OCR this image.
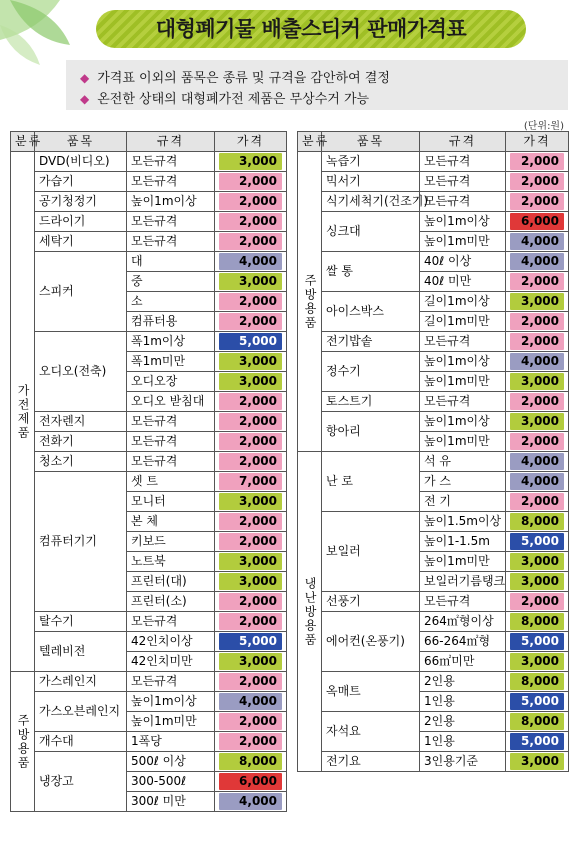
대형폐기물 배출스티커 판매가격표
◆ 가격표 이외의 품목은 종류 및 규격을 감안하여 결정
◆ 온전한 상태의 대형폐가전 제품은 무상수거 가능
(단위:원)
분류	품목	규격	가격
가전제품	DVD(비디오)	모든규격	3,000

	가습기	모든규격	2,000

	공기청정기	높이1m이상	2,000

	드라이기	모든규격	2,000

	세탁기	모든규격	2,000

	스피커	대	4,000

		중	3,000

		소	2,000

		컴퓨터용	2,000

	오디오(전축)	폭1m이상	5,000

		폭1m미만	3,000

		오디오장	3,000

		오디오 받침대	2,000

	전자렌지	모든규격	2,000

	전화기	모든규격	2,000

	청소기	모든규격	2,000

	컴퓨터기기	셋 트	7,000

		모니터	3,000

		본 체	2,000

		키보드	2,000

		노트북	3,000

		프린터(대)	3,000

		프린터(소)	2,000

	탈수기	모든규격	2,000

	텔레비전	42인치이상	5,000

		42인치미만	3,000

주방용품	가스레인지	모든규격	2,000

	가스오븐레인지	높이1m이상	4,000

		높이1m미만	2,000

	개수대	1폭당	2,000

	냉장고	500ℓ 이상	8,000

		300-500ℓ	6,000

		300ℓ 미만	4,000
분류	품목	규격	가격
주방용품	녹즙기	모든규격	2,000

	믹서기	모든규격	2,000

	식기세척기(건조기)	모든규격	2,000

	싱크대	높이1m이상	6,000

		높이1m미만	4,000

	쌀 통	40ℓ 이상	4,000

		40ℓ 미만	2,000

	아이스박스	길이1m이상	3,000

		길이1m미만	2,000

	전기밥솥	모든규격	2,000

	정수기	높이1m이상	4,000

		높이1m미만	3,000

	토스트기	모든규격	2,000

	항아리	높이1m이상	3,000

		높이1m미만	2,000

냉난방용품	난 로	석 유	4,000

		가 스	4,000

		전 기	2,000

	보일러	높이1.5m이상	8,000

		높이1-1.5m	5,000

		높이1m미만	3,000

		보일러기름탱크	3,000

	선풍기	모든규격	2,000

	에어컨(온풍기)	264㎡형이상	8,000

		66-264㎡형	5,000

		66㎡미만	3,000

	옥매트	2인용	8,000

		1인용	5,000

	자석요	2인용	8,000

		1인용	5,000

	전기요	3인용기준	3,000
